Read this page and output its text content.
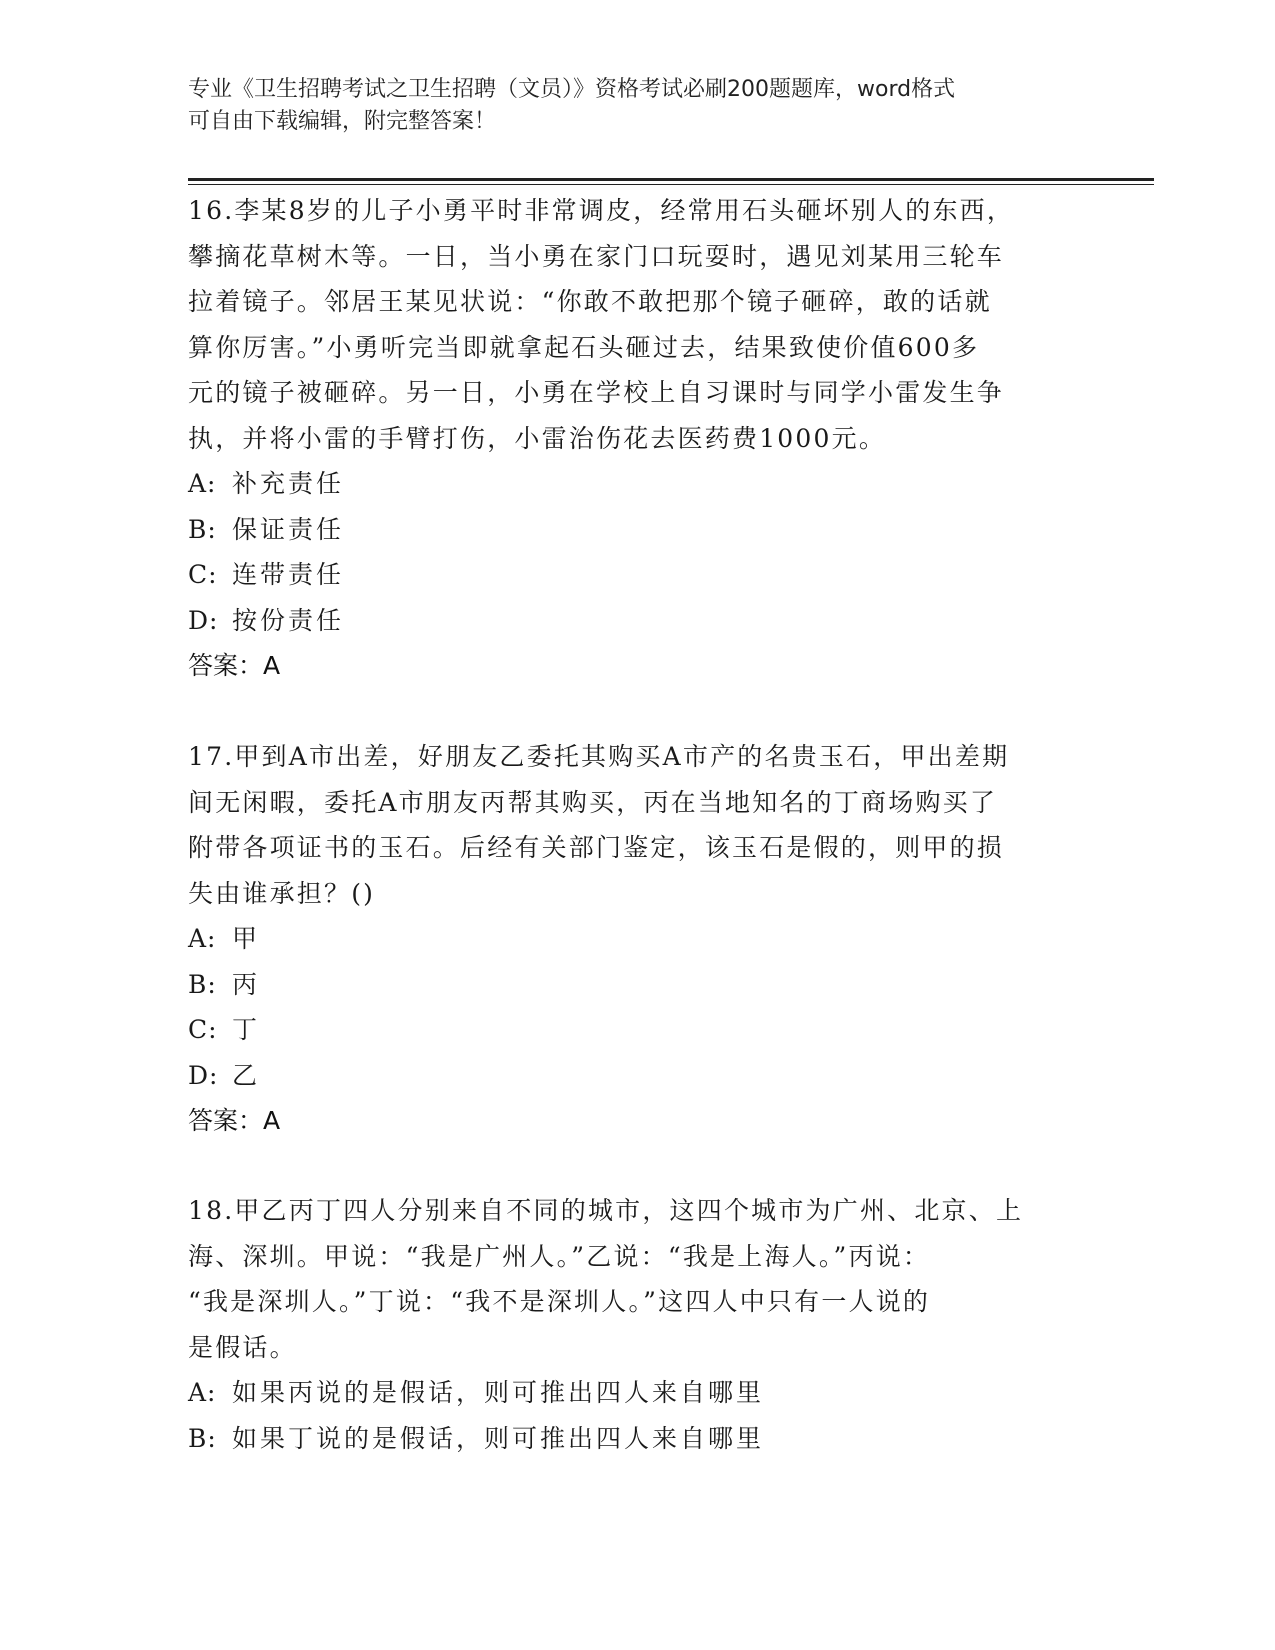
专业《卫生招聘考试之卫生招聘（文员）》资格考试必刷200题题库，word格式
可自由下载编辑，附完整答案！
16.李某8岁的儿子小勇平时非常调皮，经常用石头砸坏别人的东西，
攀摘花草树木等。一日，当小勇在家门口玩耍时，遇见刘某用三轮车
拉着镜子。邻居王某见状说：“你敢不敢把那个镜子砸碎，敢的话就
算你厉害。”小勇听完当即就拿起石头砸过去，结果致使价值600多
元的镜子被砸碎。另一日，小勇在学校上自习课时与同学小雷发生争
执，并将小雷的手臂打伤，小雷治伤花去医药费1000元。
A: 补充责任
B: 保证责任
C: 连带责任
D: 按份责任
答案：A
17.甲到A市出差，好朋友乙委托其购买A市产的名贵玉石，甲出差期
间无闲暇，委托A市朋友丙帮其购买，丙在当地知名的丁商场购买了
附带各项证书的玉石。后经有关部门鉴定，该玉石是假的，则甲的损
失由谁承担？()
A: 甲
B: 丙
C: 丁
D: 乙
答案：A
18.甲乙丙丁四人分别来自不同的城市，这四个城市为广州、北京、上
海、深圳。甲说：“我是广州人。”乙说：“我是上海人。”丙说：
“我是深圳人。”丁说：“我不是深圳人。”这四人中只有一人说的
是假话。
A: 如果丙说的是假话，则可推出四人来自哪里
B: 如果丁说的是假话，则可推出四人来自哪里
